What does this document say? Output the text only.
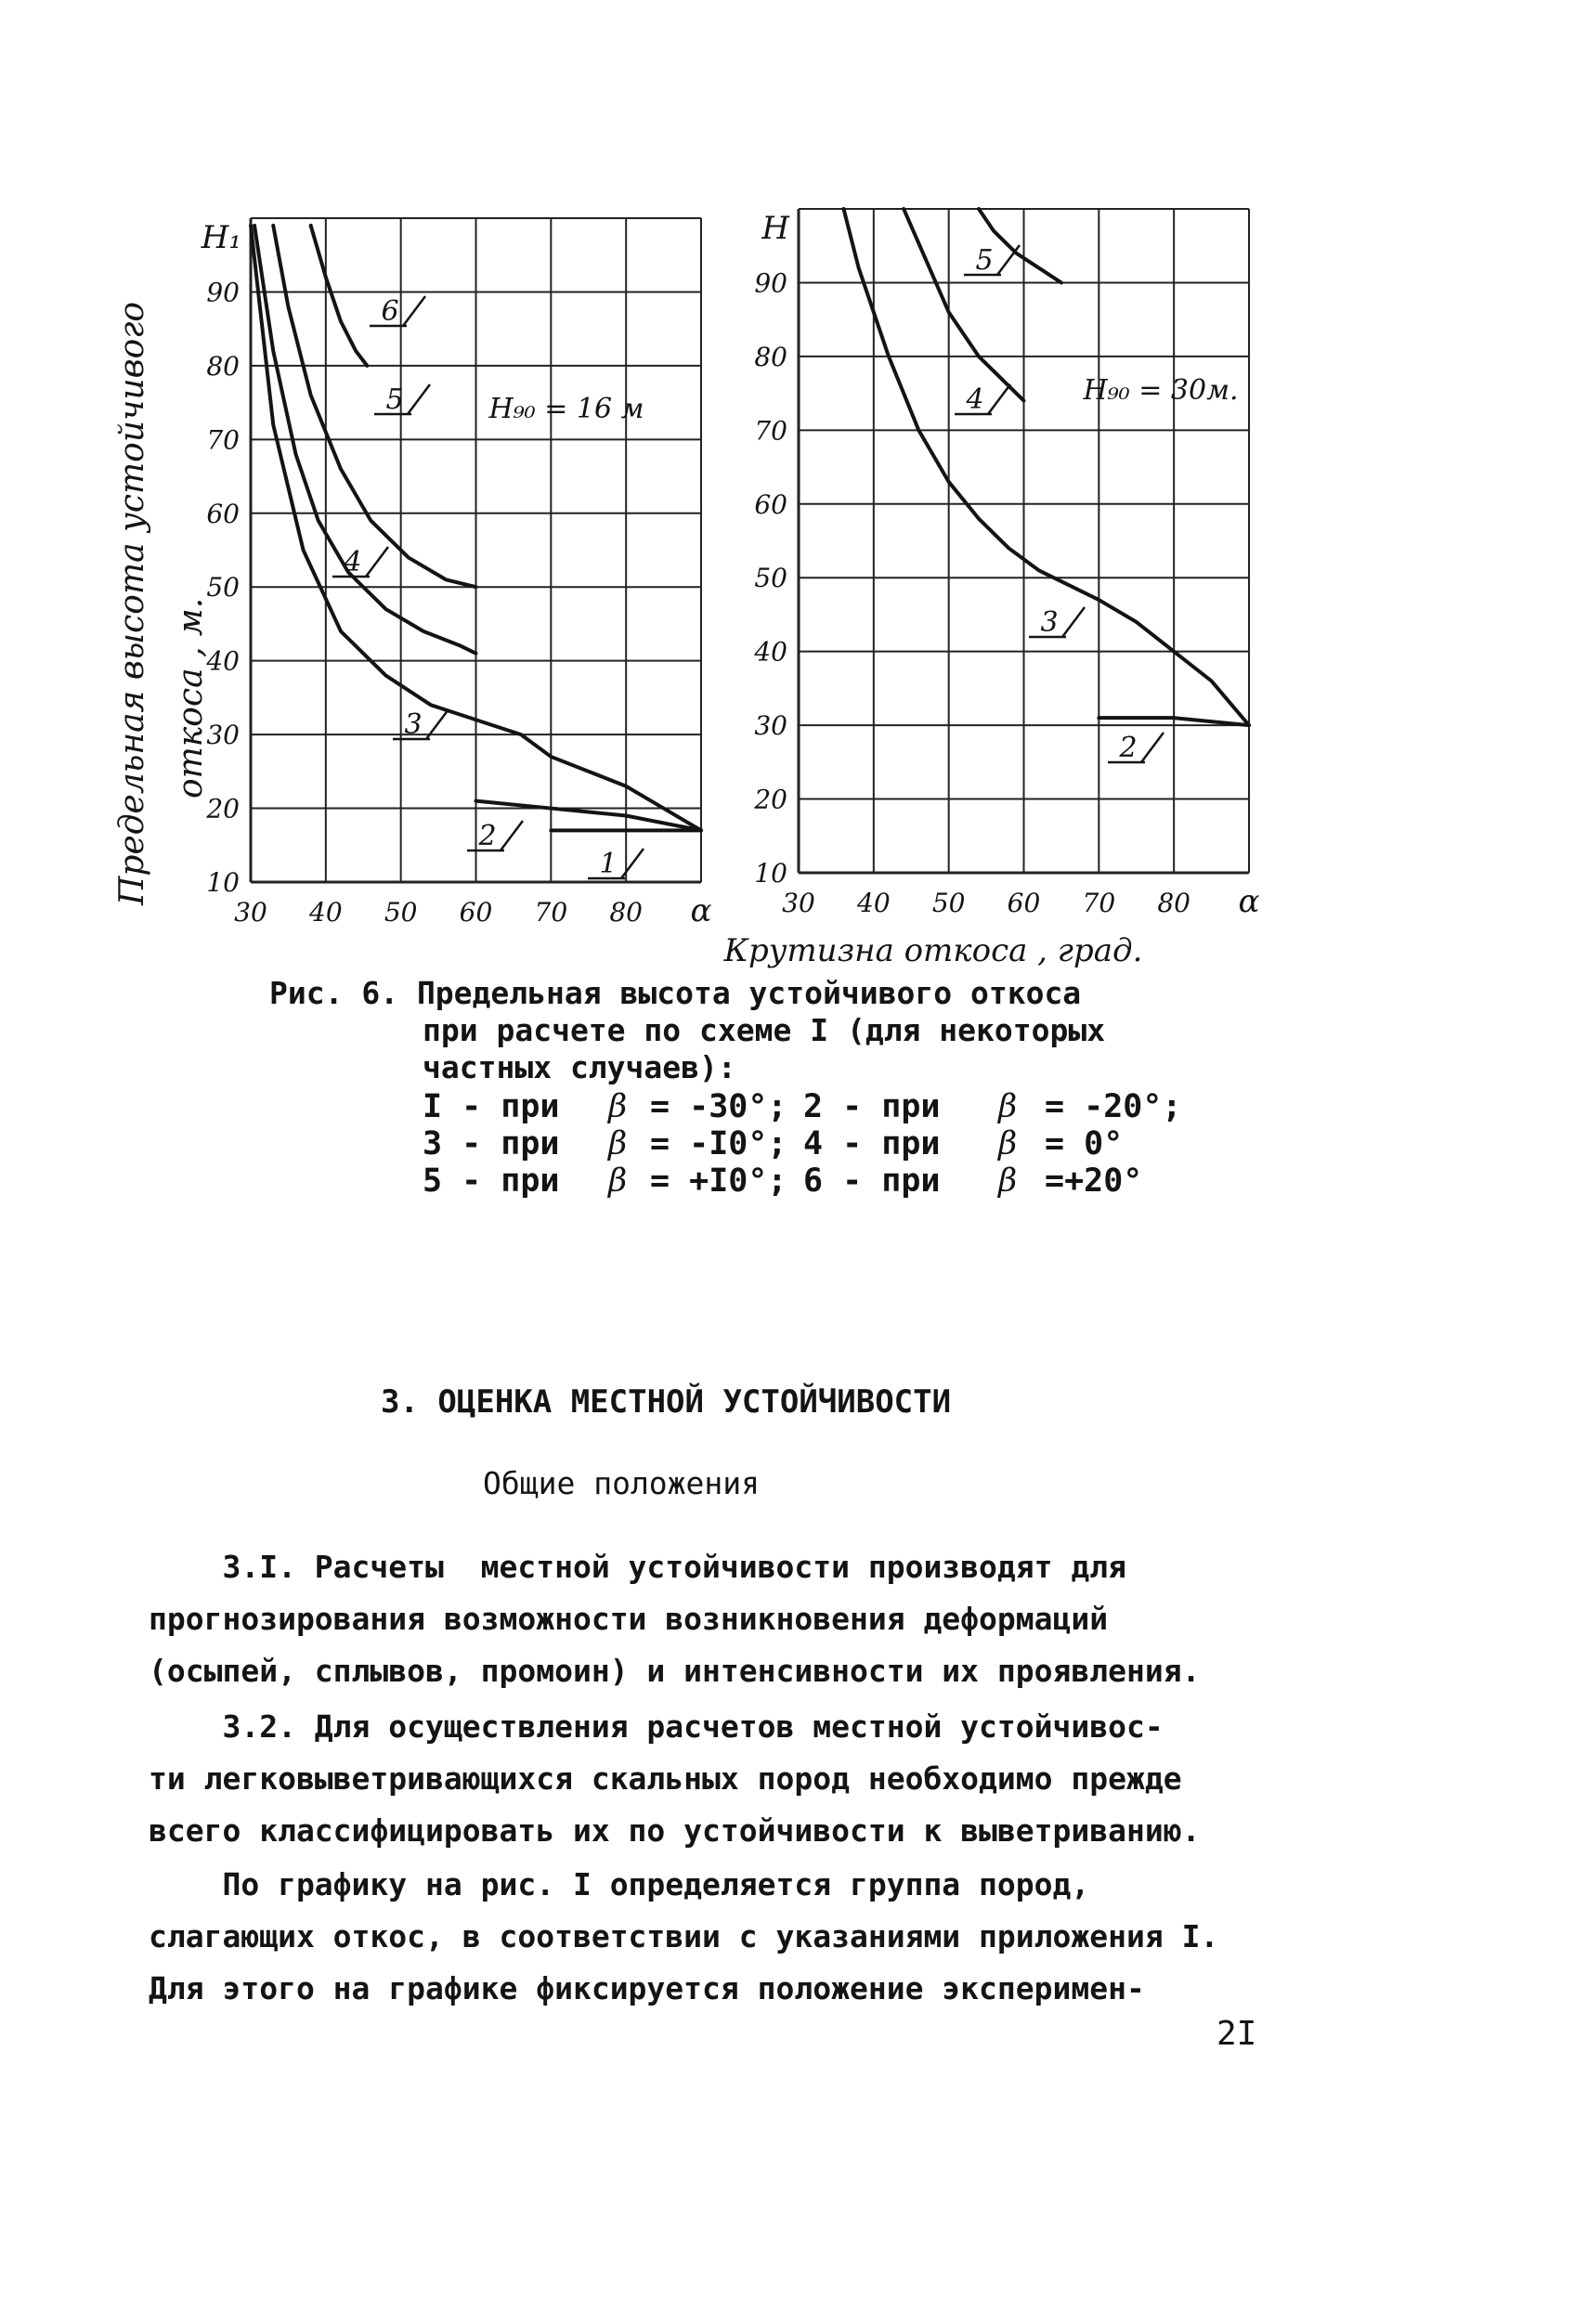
10
20
30
40
50
60
70
80
90
30 40 50 60 70 80 α
H₁
H₉₀ = 16 м
1
2
3
4
5
6
10
20
30
40
50
60
70
80
90
30 40 50 60 70 80 α
H
H₉₀ = 30м.
2
3
4
5
Крутизна откоса , град.
Предельная высота устойчивого откоса , м.
Рис. 6. Предельная высота устойчивого откоса
при расчете по схеме I (для некоторых
частных случаев):
I - при β = -30°; 2 - при β = -20°;
3 - при β = -I0°; 4 - при β = 0°
5 - при β = +I0°; 6 - при β =+20°
3. ОЦЕНКА МЕСТНОЙ УСТОЙЧИВОСТИ
Общие положения
3.I. Расчеты  местной устойчивости производят для
прогнозирования возможности возникновения деформаций
(осыпей, сплывов, промоин) и интенсивности их проявления.
3.2. Для осуществления расчетов местной устойчивос-
ти легковыветривающихся скальных пород необходимо прежде
всего классифицировать их по устойчивости к выветриванию.
По графику на рис. I определяется группа пород,
слагающих откос, в соответствии с указаниями приложения I.
Для этого на графике фиксируется положение эксперимен-
2I
